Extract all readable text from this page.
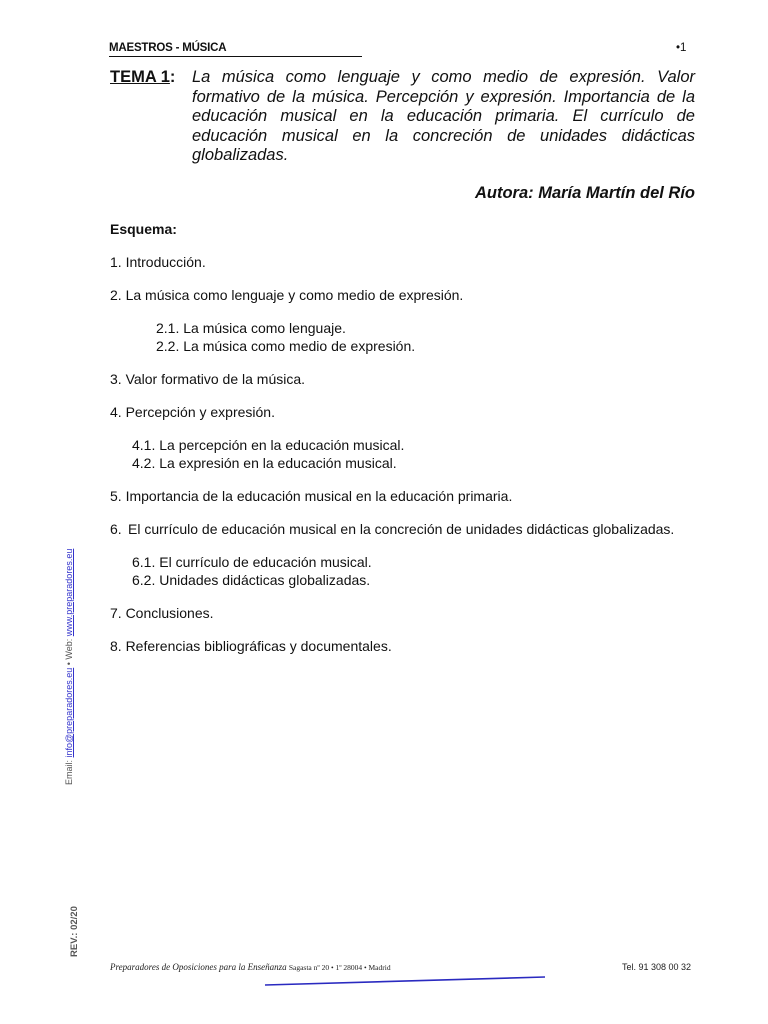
MAESTROS - MÚSICA	•1
TEMA 1: La música como lenguaje y como medio de expresión. Valor formativo de la música. Percepción y expresión. Importancia de la educación musical en la educación primaria. El currículo de educación musical en la concreción de unidades didácticas globalizadas.
Autora: María Martín del Río
Esquema:
1. Introducción.
2. La música como lenguaje y como medio de expresión.
2.1. La música como lenguaje.
2.2. La música como medio de expresión.
3. Valor formativo de la música.
4. Percepción y expresión.
4.1. La percepción en la educación musical.
4.2. La expresión en la educación musical.
5. Importancia de la educación musical en la educación primaria.
6. El currículo de educación musical en la concreción de unidades didácticas globalizadas.
6.1. El currículo de educación musical.
6.2. Unidades didácticas globalizadas.
7. Conclusiones.
8. Referencias bibliográficas y documentales.
Email: info@preparadores.eu • Web: www.preparadores.eu
REV.: 02/20
Preparadores de Oposiciones para la Enseñanza Sagasta nº 20 • 1º 28004 • Madrid	Tel. 91 308 00 32
